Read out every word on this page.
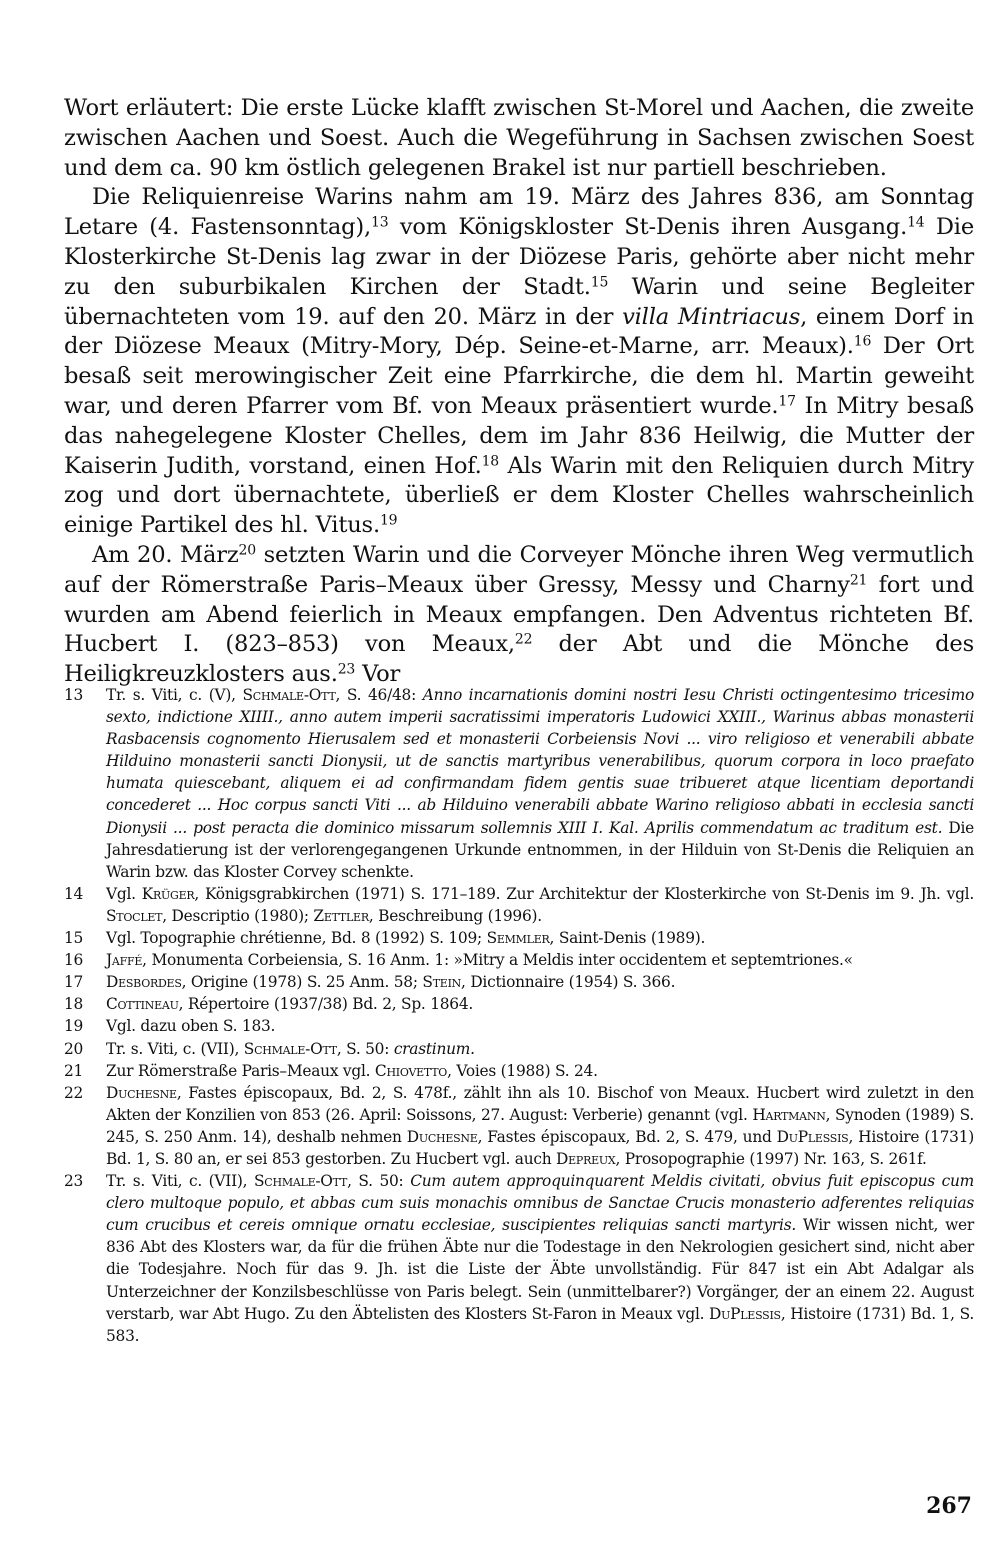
Wort erläutert: Die erste Lücke klafft zwischen St-Morel und Aachen, die zweite zwischen Aachen und Soest. Auch die Wegeführung in Sachsen zwischen Soest und dem ca. 90 km östlich gelegenen Brakel ist nur partiell beschrieben.

Die Reliquienreise Warins nahm am 19. März des Jahres 836, am Sonntag Letare (4. Fastensonntag),$^{13}$ vom Königskloster St-Denis ihren Ausgang.$^{14}$ Die Klosterkirche St-Denis lag zwar in der Diözese Paris, gehörte aber nicht mehr zu den suburbikalen Kirchen der Stadt.$^{15}$ Warin und seine Begleiter übernachteten vom 19. auf den 20. März in der villa Mintriacus, einem Dorf in der Diözese Meaux (Mitry-Mory, Dép. Seine-et-Marne, arr. Meaux).$^{16}$ Der Ort besaß seit merowingischer Zeit eine Pfarrkirche, die dem hl. Martin geweiht war, und deren Pfarrer vom Bf. von Meaux präsentiert wurde.$^{17}$ In Mitry besaß das nahegelegene Kloster Chelles, dem im Jahr 836 Heilwig, die Mutter der Kaiserin Judith, vorstand, einen Hof.$^{18}$ Als Warin mit den Reliquien durch Mitry zog und dort übernachtete, überließ er dem Kloster Chelles wahrscheinlich einige Partikel des hl. Vitus.$^{19}$

Am 20. März$^{20}$ setzten Warin und die Corveyer Mönche ihren Weg vermutlich auf der Römerstraße Paris–Meaux über Gressy, Messy und Charny$^{21}$ fort und wurden am Abend feierlich in Meaux empfangen. Den Adventus richteten Bf. Hucbert I. (823–853) von Meaux,$^{22}$ der Abt und die Mönche des Heiligkreuzklosters aus.$^{23}$ Vor

13 Tr. s. Viti, c. (V), Schmale-Ott, S. 46/48: Anno incarnationis domini nostri Iesu Christi octingentesimo tricesimo sexto, indictione XIIII., anno autem imperii sacratissimi imperatoris Ludowici XXIII., Warinus abbas monasterii Rasbacensis cognomento Hierusalem sed et monasterii Corbeiensis Novi ... viro religioso et venerabili abbate Hilduino monasterii sancti Dionysii, ut de sanctis martyribus venerabilibus, quorum corpora in loco praefato humata quiescebant, aliquem ei ad confirmandam fidem gentis suae tribueret atque licentiam deportandi concederet ... Hoc corpus sancti Viti ... ab Hilduino venerabili abbate Warino religioso abbati in ecclesia sancti Dionysii ... post peracta die dominico missarum sollemnis XIII I. Kal. Aprilis commendatum ac traditum est. Die Jahresdatierung ist der verlorengegangenen Urkunde entnommen, in der Hilduin von St-Denis die Reliquien an Warin bzw. das Kloster Corvey schenkte.
14 Vgl. Krüger, Königsgrabkirchen (1971) S. 171–189. Zur Architektur der Klosterkirche von St-Denis im 9. Jh. vgl. Stoclet, Descriptio (1980); Zettler, Beschreibung (1996).
15 Vgl. Topographie chrétienne, Bd. 8 (1992) S. 109; Semmler, Saint-Denis (1989).
16 Jaffé, Monumenta Corbeiensia, S. 16 Anm. 1: »Mitry a Meldis inter occidentem et septemtriones.«
17 Desbordes, Origine (1978) S. 25 Anm. 58; Stein, Dictionnaire (1954) S. 366.
18 Cottineau, Répertoire (1937/38) Bd. 2, Sp. 1864.
19 Vgl. dazu oben S. 183.
20 Tr. s. Viti, c. (VII), Schmale-Ott, S. 50: crastinum.
21 Zur Römerstraße Paris–Meaux vgl. Chiovetto, Voies (1988) S. 24.
22 Duchesne, Fastes épiscopaux, Bd. 2, S. 478f., zählt ihn als 10. Bischof von Meaux. Hucbert wird zuletzt in den Akten der Konzilien von 853 (26. April: Soissons, 27. August: Verberie) genannt (vgl. Hartmann, Synoden (1989) S. 245, S. 250 Anm. 14), deshalb nehmen Duchesne, Fastes épiscopaux, Bd. 2, S. 479, und DuPlessis, Histoire (1731) Bd. 1, S. 80 an, er sei 853 gestorben. Zu Hucbert vgl. auch Depreux, Prosopographie (1997) Nr. 163, S. 261f.
23 Tr. s. Viti, c. (VII), Schmale-Ott, S. 50: Cum autem approquinquarent Meldis civitati, obvius fuit episcopus cum clero multoque populo, et abbas cum suis monachis omnibus de Sanctae Crucis monasterio adferentes reliquias cum crucibus et cereis omnique ornatu ecclesiae, suscipientes reliquias sancti martyris. Wir wissen nicht, wer 836 Abt des Klosters war, da für die frühen Äbte nur die Todestage in den Nekrologien gesichert sind, nicht aber die Todesjahre. Noch für das 9. Jh. ist die Liste der Äbte unvollständig. Für 847 ist ein Abt Adalgar als Unterzeichner der Konzilsbeschlüsse von Paris belegt. Sein (unmittelbarer?) Vorgänger, der an einem 22. August verstarb, war Abt Hugo. Zu den Äbtelisten des Klosters St-Faron in Meaux vgl. DuPlessis, Histoire (1731) Bd. 1, S. 583.
267
